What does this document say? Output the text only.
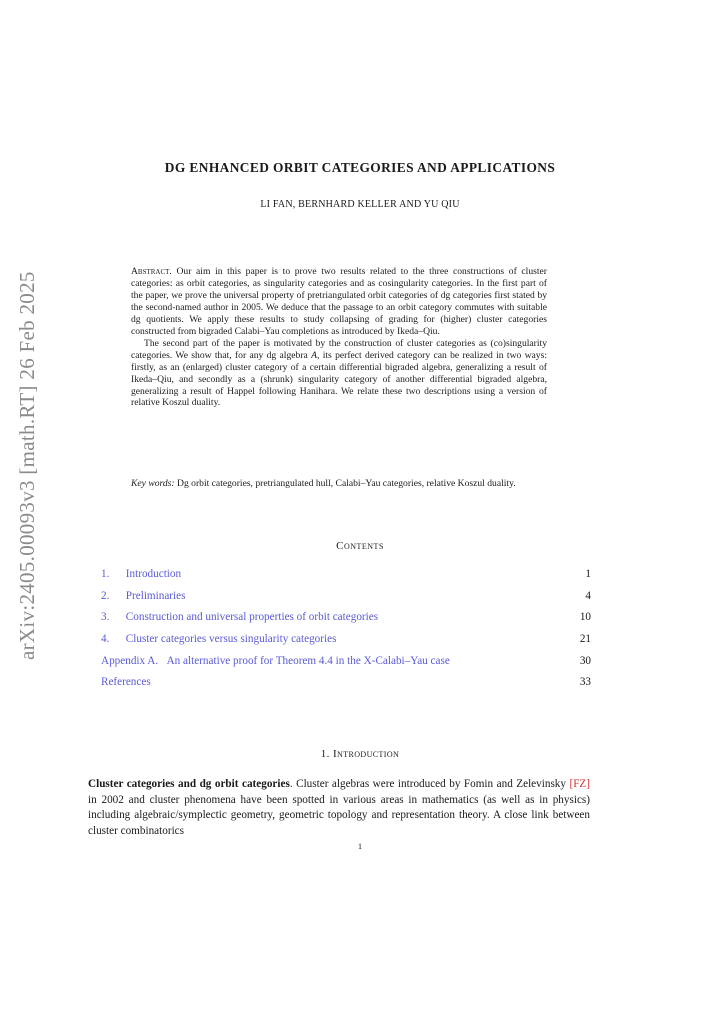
arXiv:2405.00093v3 [math.RT] 26 Feb 2025
DG ENHANCED ORBIT CATEGORIES AND APPLICATIONS
LI FAN, BERNHARD KELLER AND YU QIU

Abstract. Our aim in this paper is to prove two results related to the three constructions of cluster categories: as orbit categories, as singularity categories and as cosingularity categories. In the first part of the paper, we prove the universal property of pretriangulated orbit categories of dg categories first stated by the second-named author in 2005. We deduce that the passage to an orbit category commutes with suitable dg quotients. We apply these results to study collapsing of grading for (higher) cluster categories constructed from bigraded Calabi–Yau completions as introduced by Ikeda–Qiu.

The second part of the paper is motivated by the construction of cluster categories as (co)singularity categories. We show that, for any dg algebra A, its perfect derived category can be realized in two ways: firstly, as an (enlarged) cluster category of a certain differential bigraded algebra, generalizing a result of Ikeda–Qiu, and secondly as a (shrunk) singularity category of another differential bigraded algebra, generalizing a result of Happel following Hanihara. We relate these two descriptions using a version of relative Koszul duality.

Key words: Dg orbit categories, pretriangulated hull, Calabi–Yau categories, relative Koszul duality.
Contents
1. Introduction	1
2. Preliminaries	4
3. Construction and universal properties of orbit categories	10
4. Cluster categories versus singularity categories	21
Appendix A. An alternative proof for Theorem 4.4 in the X-Calabi–Yau case	30
References	33
1. Introduction
Cluster categories and dg orbit categories. Cluster algebras were introduced by Fomin and Zelevinsky [FZ] in 2002 and cluster phenomena have been spotted in various areas in mathematics (as well as in physics) including algebraic/symplectic geometry, geometric topology and representation theory. A close link between cluster combinatorics
1
